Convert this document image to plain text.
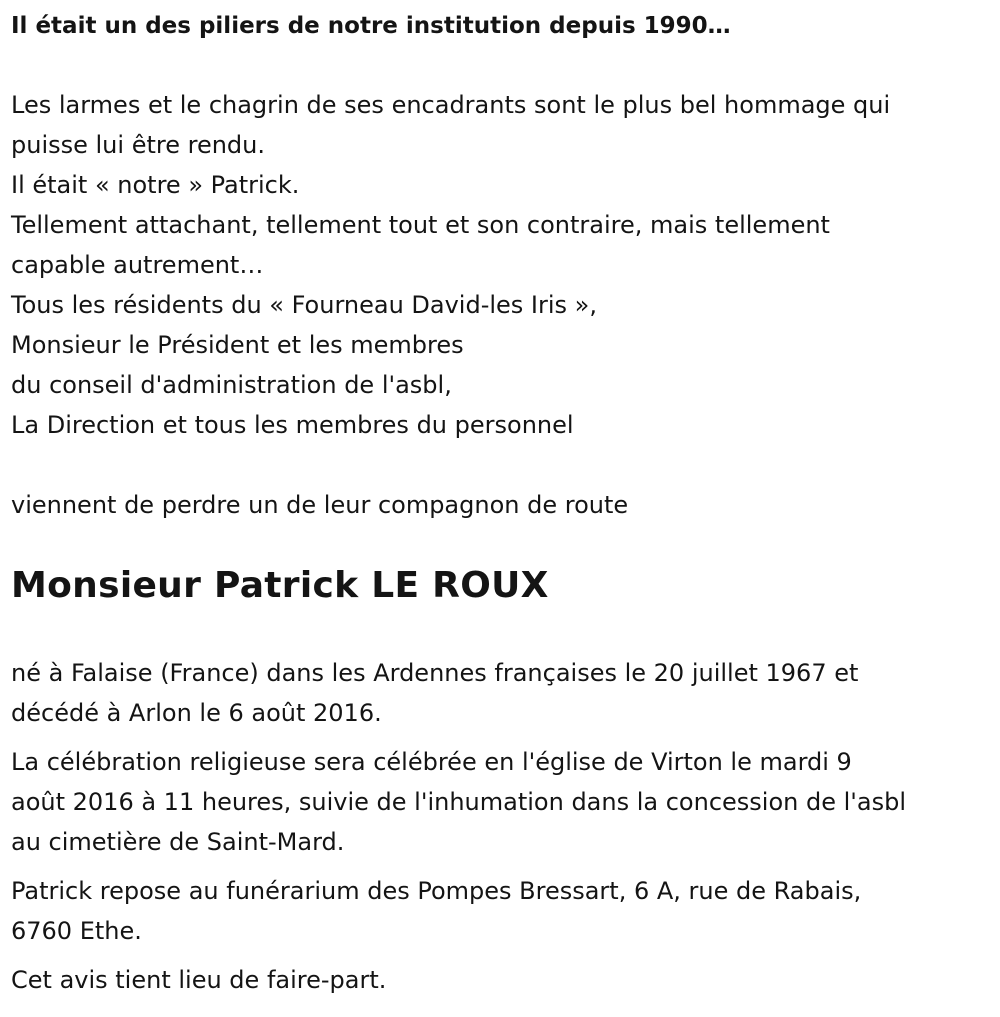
Il était un des piliers de notre institution depuis 1990…
Les larmes et le chagrin de ses encadrants sont le plus bel hommage qui
puisse lui être rendu.
Il était « notre » Patrick.
Tellement attachant, tellement tout et son contraire, mais tellement
capable autrement…
Tous les résidents du « Fourneau David-les Iris »,
Monsieur le Président et les membres
du conseil d'administration de l'asbl,
La Direction et tous les membres du personnel
viennent de perdre un de leur compagnon de route
Monsieur Patrick LE ROUX
né à Falaise (France) dans les Ardennes françaises le 20 juillet 1967 et
décédé à Arlon le 6 août 2016.
La célébration religieuse sera célébrée en l'église de Virton le mardi 9
août 2016 à 11 heures, suivie de l'inhumation dans la concession de l'asbl
au cimetière de Saint-Mard.
Patrick repose au funérarium des Pompes Bressart, 6 A, rue de Rabais,
6760 Ethe.
Cet avis tient lieu de faire-part.
